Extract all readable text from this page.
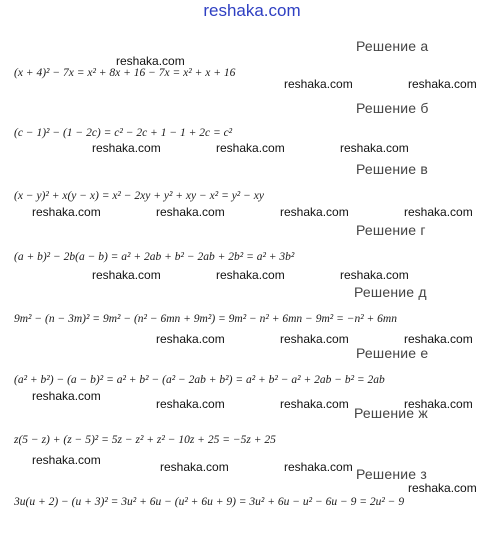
reshaka.com
Решение а
Решение б
Решение в
Решение г
Решение д
Решение е
Решение ж
Решение з
(x + 4)² − 7x = x² + 8x + 16 − 7x = x² + x + 16
(c − 1)² − (1 − 2c) = c² − 2c + 1 − 1 + 2c = c²
(x − y)² + x(y − x) = x² − 2xy + y² + xy − x² = y² − xy
(a + b)² − 2b(a − b) = a² + 2ab + b² − 2ab + 2b² = a² + 3b²
9m² − (n − 3m)² = 9m² − (n² − 6mn + 9m²) = 9m² − n² + 6mn − 9m² = −n² + 6mn
(a² + b²) − (a − b)² = a² + b² − (a² − 2ab + b²) = a² + b² − a² + 2ab − b² = 2ab
z(5 − z) + (z − 5)² = 5z − z² + z² − 10z + 25 = −5z + 25
3u(u + 2) − (u + 3)² = 3u² + 6u − (u² + 6u + 9) = 3u² + 6u − u² − 6u − 9 = 2u² − 9
reshaka.com
reshaka.com	reshaka.com
reshaka.com	reshaka.com	reshaka.com
reshaka.com	reshaka.com	reshaka.com	reshaka.com
reshaka.com	reshaka.com	reshaka.com
reshaka.com	reshaka.com	reshaka.com
reshaka.com
reshaka.com	reshaka.com	reshaka.com
reshaka.com	reshaka.com	reshaka.com
reshaka.com
